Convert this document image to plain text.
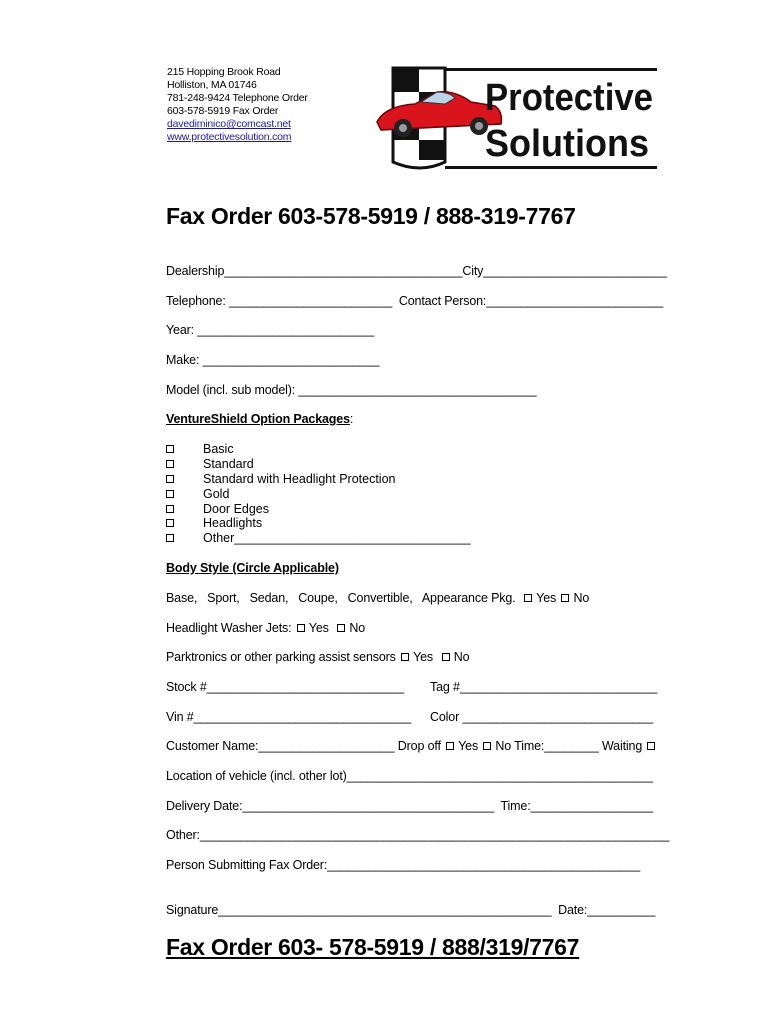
215 Hopping Brook Road
Holliston, MA 01746
781-248-9424 Telephone Order
603-578-5919 Fax Order
davediminico@comcast.net
www.protectivesolution.com
Protective
Solutions
Fax Order 603-578-5919 / 888-319-7767
Dealership___________________________________City___________________________
Telephone: ________________________  Contact Person:__________________________
Year: __________________________
Make: __________________________
Model (incl. sub model): ___________________________________
VentureShield Option Packages:
Basic
Standard
Standard with Headlight Protection
Gold
Door Edges
Headlights
Other__________________________________
Body Style (Circle Applicable)
Base,   Sport,   Sedan,   Coupe,   Convertible,   Appearance Pkg. Yes No
Headlight Washer Jets: Yes No
Parktronics or other parking assist sensors Yes No
Stock #_____________________________ Tag #_____________________________
Vin #________________________________ Color ____________________________
Customer Name:____________________ Drop off Yes No Time:________ Waiting
Location of vehicle (incl. other lot)_____________________________________________
Delivery Date:_____________________________________  Time:__________________
Other:_____________________________________________________________________
Person Submitting Fax Order:______________________________________________
Signature_________________________________________________  Date:__________
Fax Order 603- 578-5919 / 888/319/7767
